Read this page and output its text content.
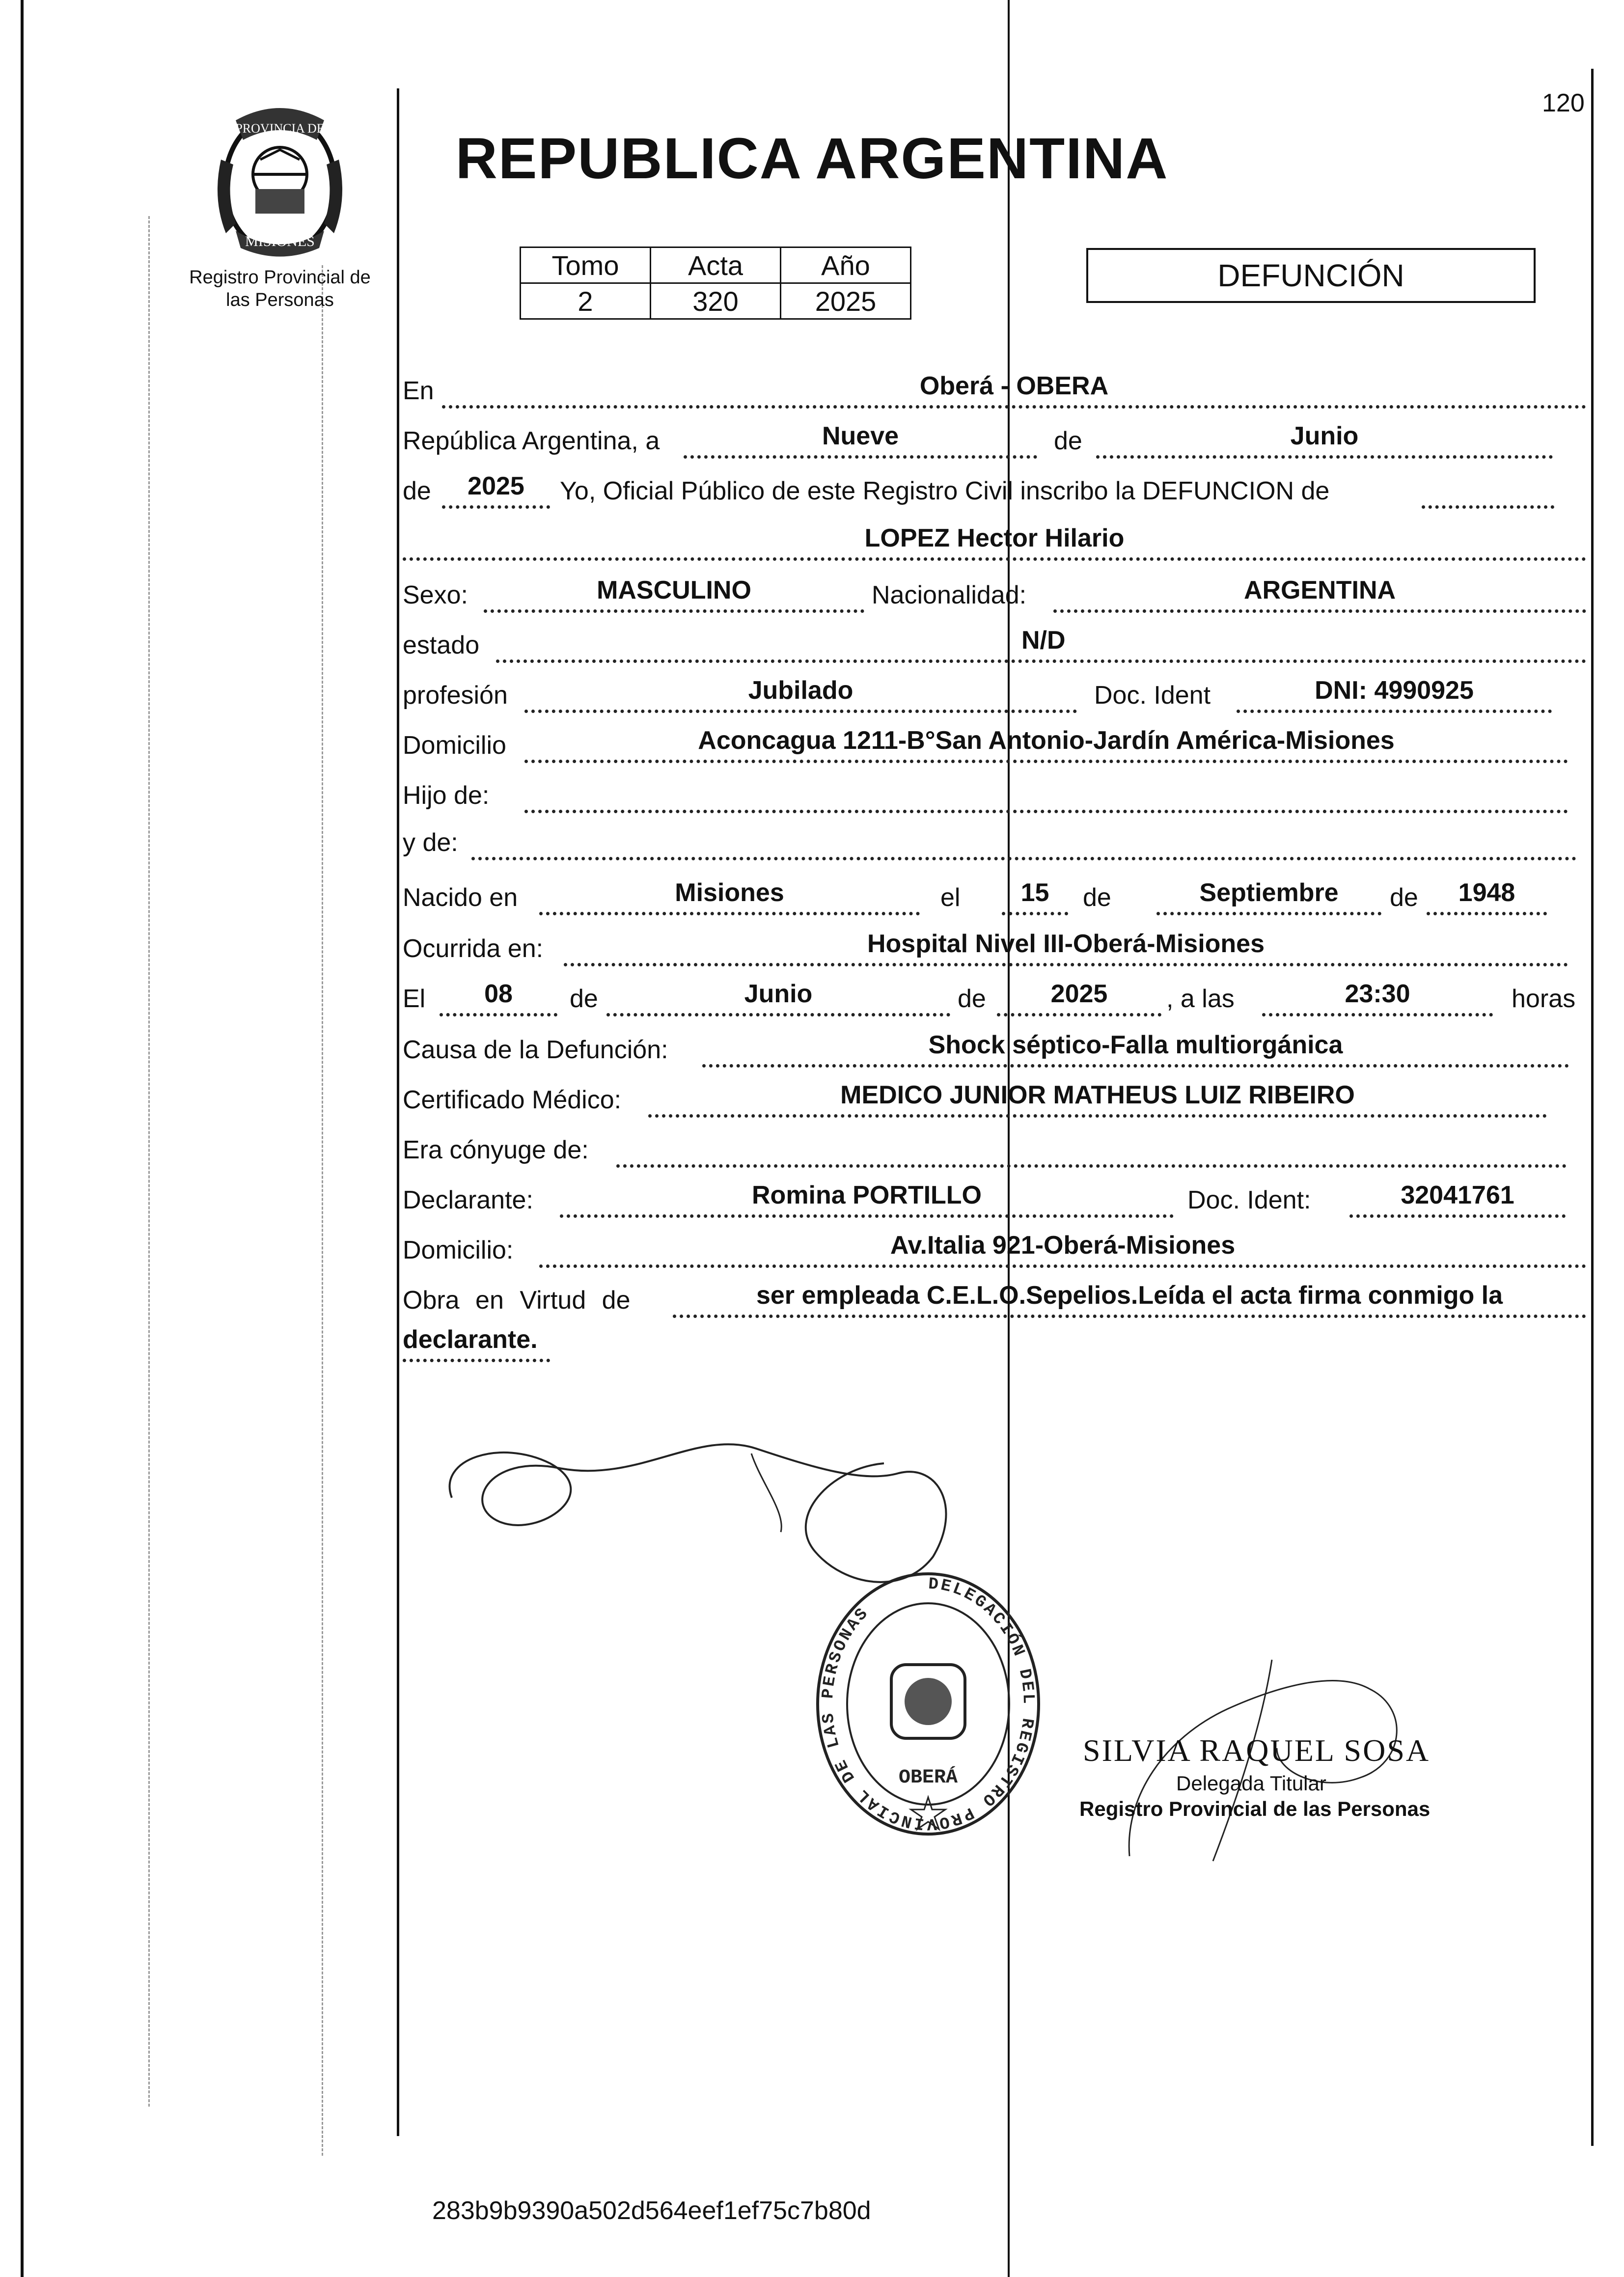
120
PROVINCIA DE
MISIONES
Registro Provincial de
las Personas
REPUBLICA ARGENTINA
Tomo	Acta	Año
2	320	2025
DEFUNCIÓN
En	Oberá - OBERA
República Argentina, a	Nueve	de	Junio
de	2025	Yo, Oficial Público de este Registro Civil inscribo la DEFUNCION de
LOPEZ Hector Hilario
Sexo:	MASCULINO	Nacionalidad:	ARGENTINA
estado	N/D
profesión	Jubilado	Doc. Ident	DNI: 4990925
Domicilio	Aconcagua 1211-B°San Antonio-Jardín América-Misiones
Hijo de:
y de:
Nacido en	Misiones	el	15	de	Septiembre	de	1948
Ocurrida en:	Hospital Nivel III-Oberá-Misiones
El	08	de	Junio	de	2025	, a las	23:30	horas
Causa de la Defunción:	Shock séptico-Falla multiorgánica
Certificado Médico:	MEDICO JUNIOR MATHEUS LUIZ RIBEIRO
Era cónyuge de:
Declarante:	Romina PORTILLO	Doc. Ident:	32041761
Domicilio:	Av.Italia 921-Oberá-Misiones
Obra en Virtud de	ser empleada C.E.L.O.Sepelios.Leída el acta firma conmigo la
declarante.
DELEGACIÓN DEL REGISTRO PROVINCIAL DE LAS PERSONAS
OBERÁ
SILVIA RAQUEL SOSA
Delegada Titular
Registro Provincial de las Personas
283b9b9390a502d564eef1ef75c7b80d
